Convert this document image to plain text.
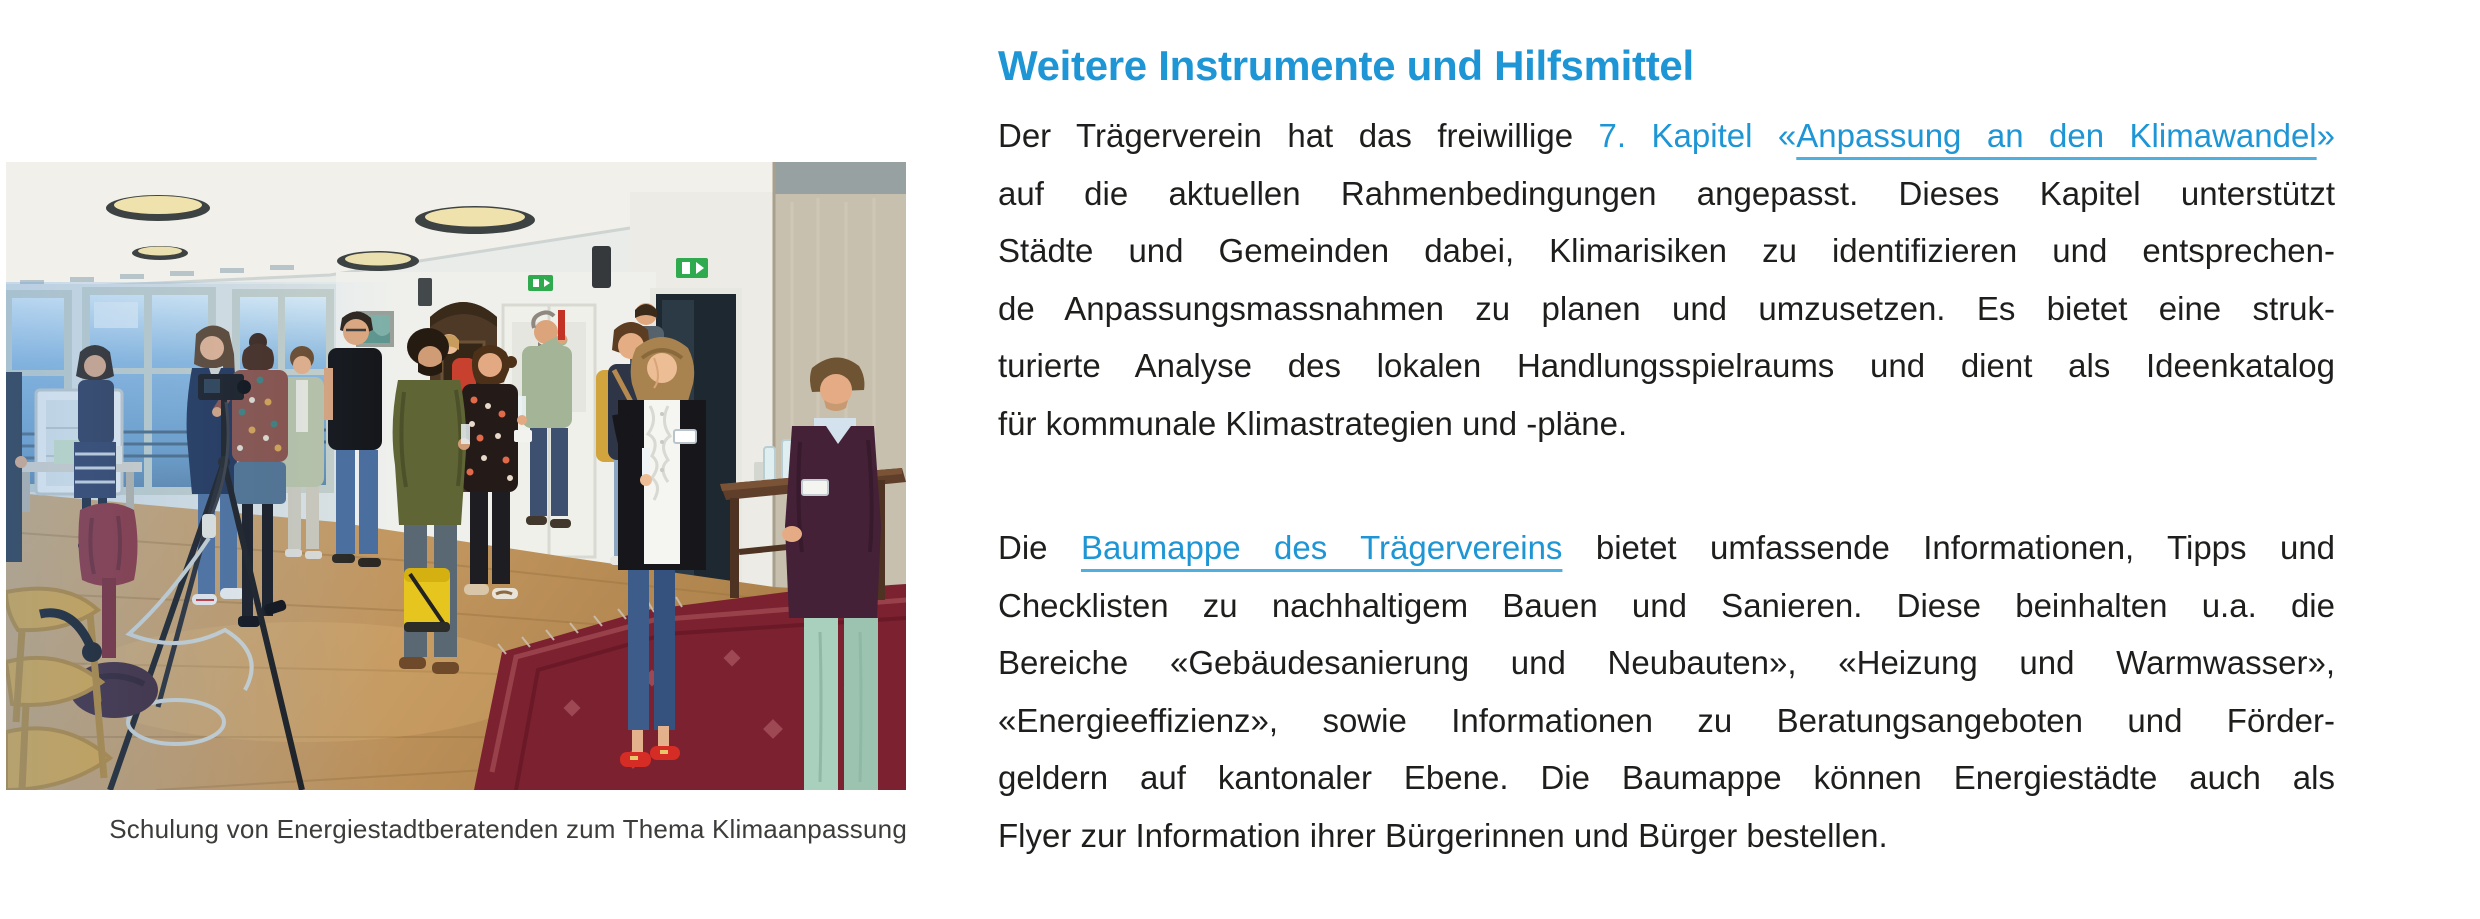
Schulung von Energiestadtberatenden zum Thema Klimaanpassung
Weitere Instrumente und Hilfsmittel
Der Trägerverein hat das freiwillige 7. Kapitel «Anpassung an den Klimawandel»
auf die aktuellen Rahmenbedingungen angepasst. Dieses Kapitel unterstützt
Städte und Gemeinden dabei, Klimarisiken zu identifizieren und entsprechen-
de Anpassungsmassnahmen zu planen und umzusetzen. Es bietet eine struk-
turierte Analyse des lokalen Handlungsspielraums und dient als Ideenkatalog
für kommunale Klimastrategien und -pläne.
Die Baumappe des Trägervereins bietet umfassende Informationen, Tipps und
Checklisten zu nachhaltigem Bauen und Sanieren. Diese beinhalten u.a. die
Bereiche «Gebäudesanierung und Neubauten», «Heizung und Warmwasser»,
«Energieeffizienz», sowie Informationen zu Beratungsangeboten und Förder-
geldern auf kantonaler Ebene. Die Baumappe können Energiestädte auch als
Flyer zur Information ihrer Bürgerinnen und Bürger bestellen.
